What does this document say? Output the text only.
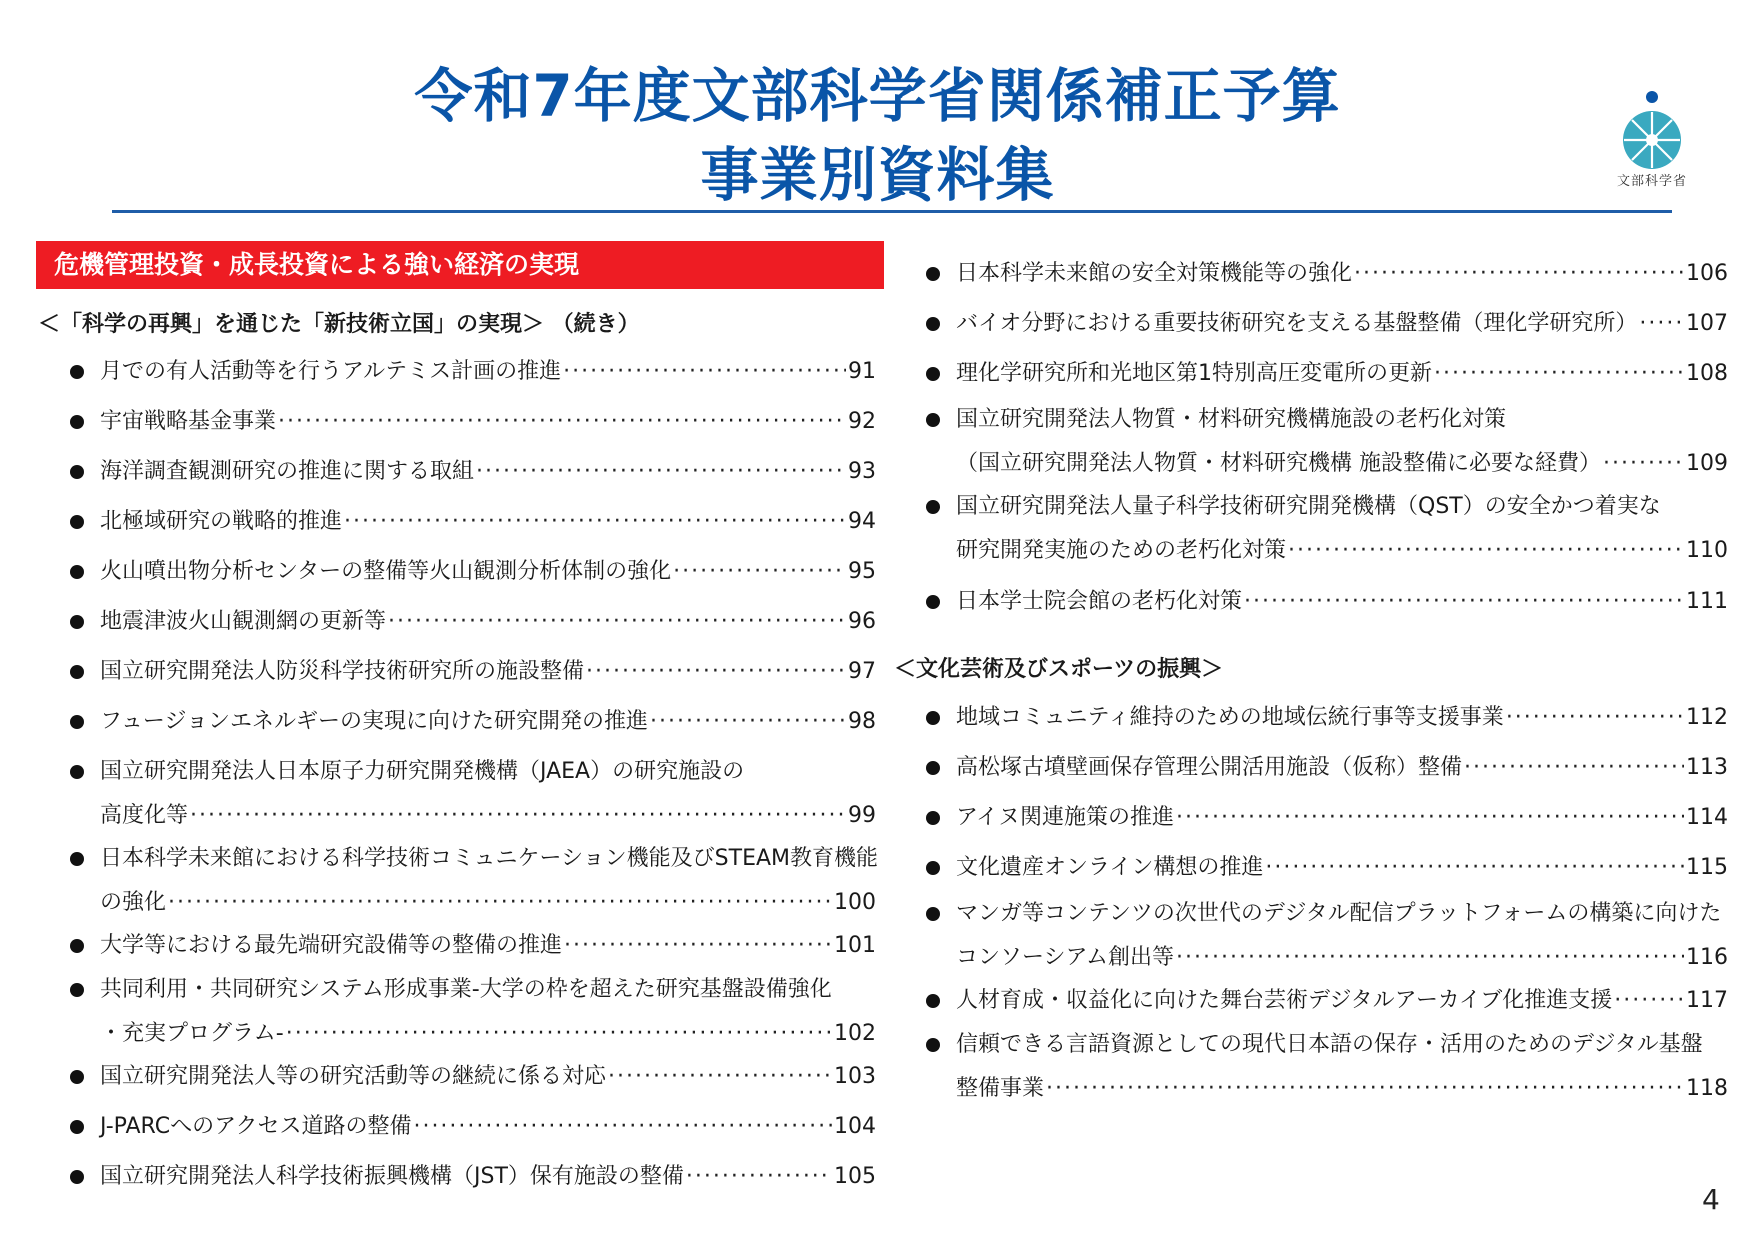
令和7年度文部科学省関係補正予算
事業別資料集	文部科学省
危機管理投資・成長投資による強い経済の実現
＜「科学の再興」を通じた「新技術立国」の実現＞ （続き）
月での有人活動等を行うアルテミス計画の推進 ·····	91
宇宙戦略基金事業 ·····	92
海洋調査観測研究の推進に関する取組 ·····	93
北極域研究の戦略的推進 ·····	94
火山噴出物分析センターの整備等火山観測分析体制の強化 ·····	95
地震津波火山観測網の更新等 ·····	96
国立研究開発法人防災科学技術研究所の施設整備 ·····	97
フュージョンエネルギーの実現に向けた研究開発の推進 ·····	98
国立研究開発法人日本原子力研究開発機構（JAEA）の研究施設の
高度化等 ·····	99
日本科学未来館における科学技術コミュニケーション機能及びSTEAM教育機能
の強化 ·····	100
大学等における最先端研究設備等の整備の推進 ·····	101
共同利用・共同研究システム形成事業-大学の枠を超えた研究基盤設備強化
・充実プログラム- ·····	102
国立研究開発法人等の研究活動等の継続に係る対応 ·····	103
J-PARCへのアクセス道路の整備 ·····	104
国立研究開発法人科学技術振興機構（JST）保有施設の整備 ·····	105
日本科学未来館の安全対策機能等の強化 ·····	106
バイオ分野における重要技術研究を支える基盤整備（理化学研究所） ····· 107
理化学研究所和光地区第1特別高圧変電所の更新 ·····	108
国立研究開発法人物質・材料研究機構施設の老朽化対策
（国立研究開発法人物質・材料研究機構 施設整備に必要な経費） ·····	109
国立研究開発法人量子科学技術研究開発機構（QST）の安全かつ着実な
研究開発実施のための老朽化対策 ·····	110
日本学士院会館の老朽化対策 ·····	111
＜文化芸術及びスポーツの振興＞
地域コミュニティ維持のための地域伝統行事等支援事業 ·····	112
高松塚古墳壁画保存管理公開活用施設（仮称）整備 ·····	113
アイヌ関連施策の推進 ·····	114
文化遺産オンライン構想の推進 ·····	115
マンガ等コンテンツの次世代のデジタル配信プラットフォームの構築に向けた
コンソーシアム創出等 ·····	116
人材育成・収益化に向けた舞台芸術デジタルアーカイブ化推進支援 ·····	117
信頼できる言語資源としての現代日本語の保存・活用のためのデジタル基盤
整備事業 ·····	118
4
